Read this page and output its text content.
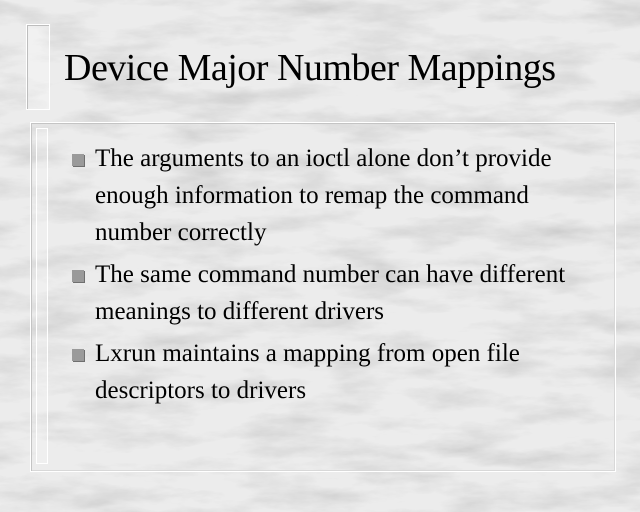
Device Major Number Mappings
The arguments to an ioctl alone don’t provide enough information to remap the command number correctly
The same command number can have different meanings to different drivers
Lxrun maintains a mapping from open file descriptors to drivers
